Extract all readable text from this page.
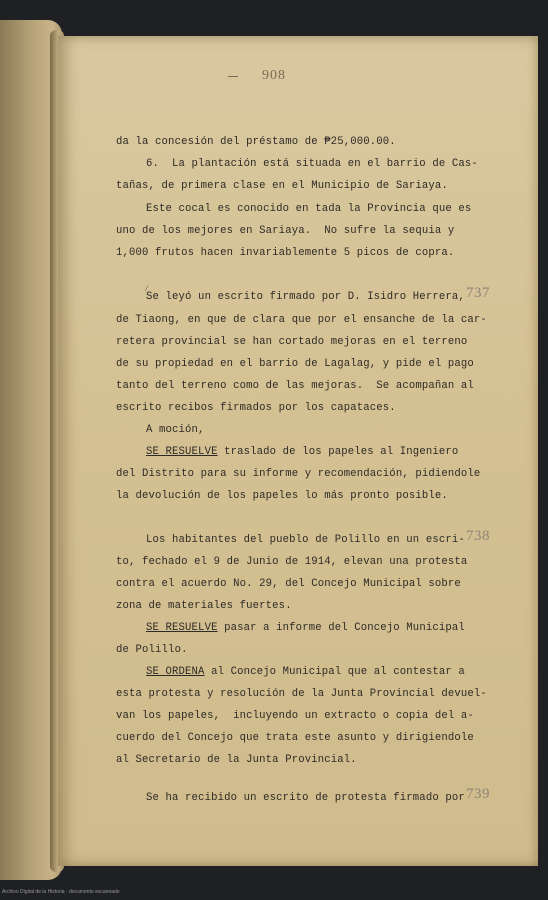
908
da la concesión del préstamo de ₱25,000.00.
6.  La plantación está situada en el barrio de Cas-
tañas, de primera clase en el Municipio de Sariaya.
Este cocal es conocido en tada la Provincia que es
uno de los mejores en Sariaya.  No sufre la sequia y
1,000 frutos hacen invariablemente 5 picos de copra.
∕
Se leyó un escrito firmado por D. Isidro Herrera, 737
de Tiaong, en que de clara que por el ensanche de la car-
retera provincial se han cortado mejoras en el terreno
de su propiedad en el barrio de Lagalag, y pide el pago
tanto del terreno como de las mejoras.  Se acompañan al
escrito recibos firmados por los capataces.
A moción,
SE RESUELVE traslado de los papeles al Ingeniero
del Distrito para su informe y recomendación, pidiendole
la devolución de los papeles lo más pronto posible.
Los habitantes del pueblo de Polillo en un escri- 738
to, fechado el 9 de Junio de 1914, elevan una protesta
contra el acuerdo No. 29, del Concejo Municipal sobre
zona de materiales fuertes.
SE RESUELVE pasar a informe del Concejo Municipal
de Polillo.
SE ORDENA al Concejo Municipal que al contestar a
esta protesta y resolución de la Junta Provincial devuel-
van los papeles,  incluyendo un extracto o copia del a-
cuerdo del Concejo que trata este asunto y dirigiendole
al Secretario de la Junta Provincial.
Se ha recibido un escrito de protesta firmado por 739
Archivo Digital de la Historia · documento escaneado
